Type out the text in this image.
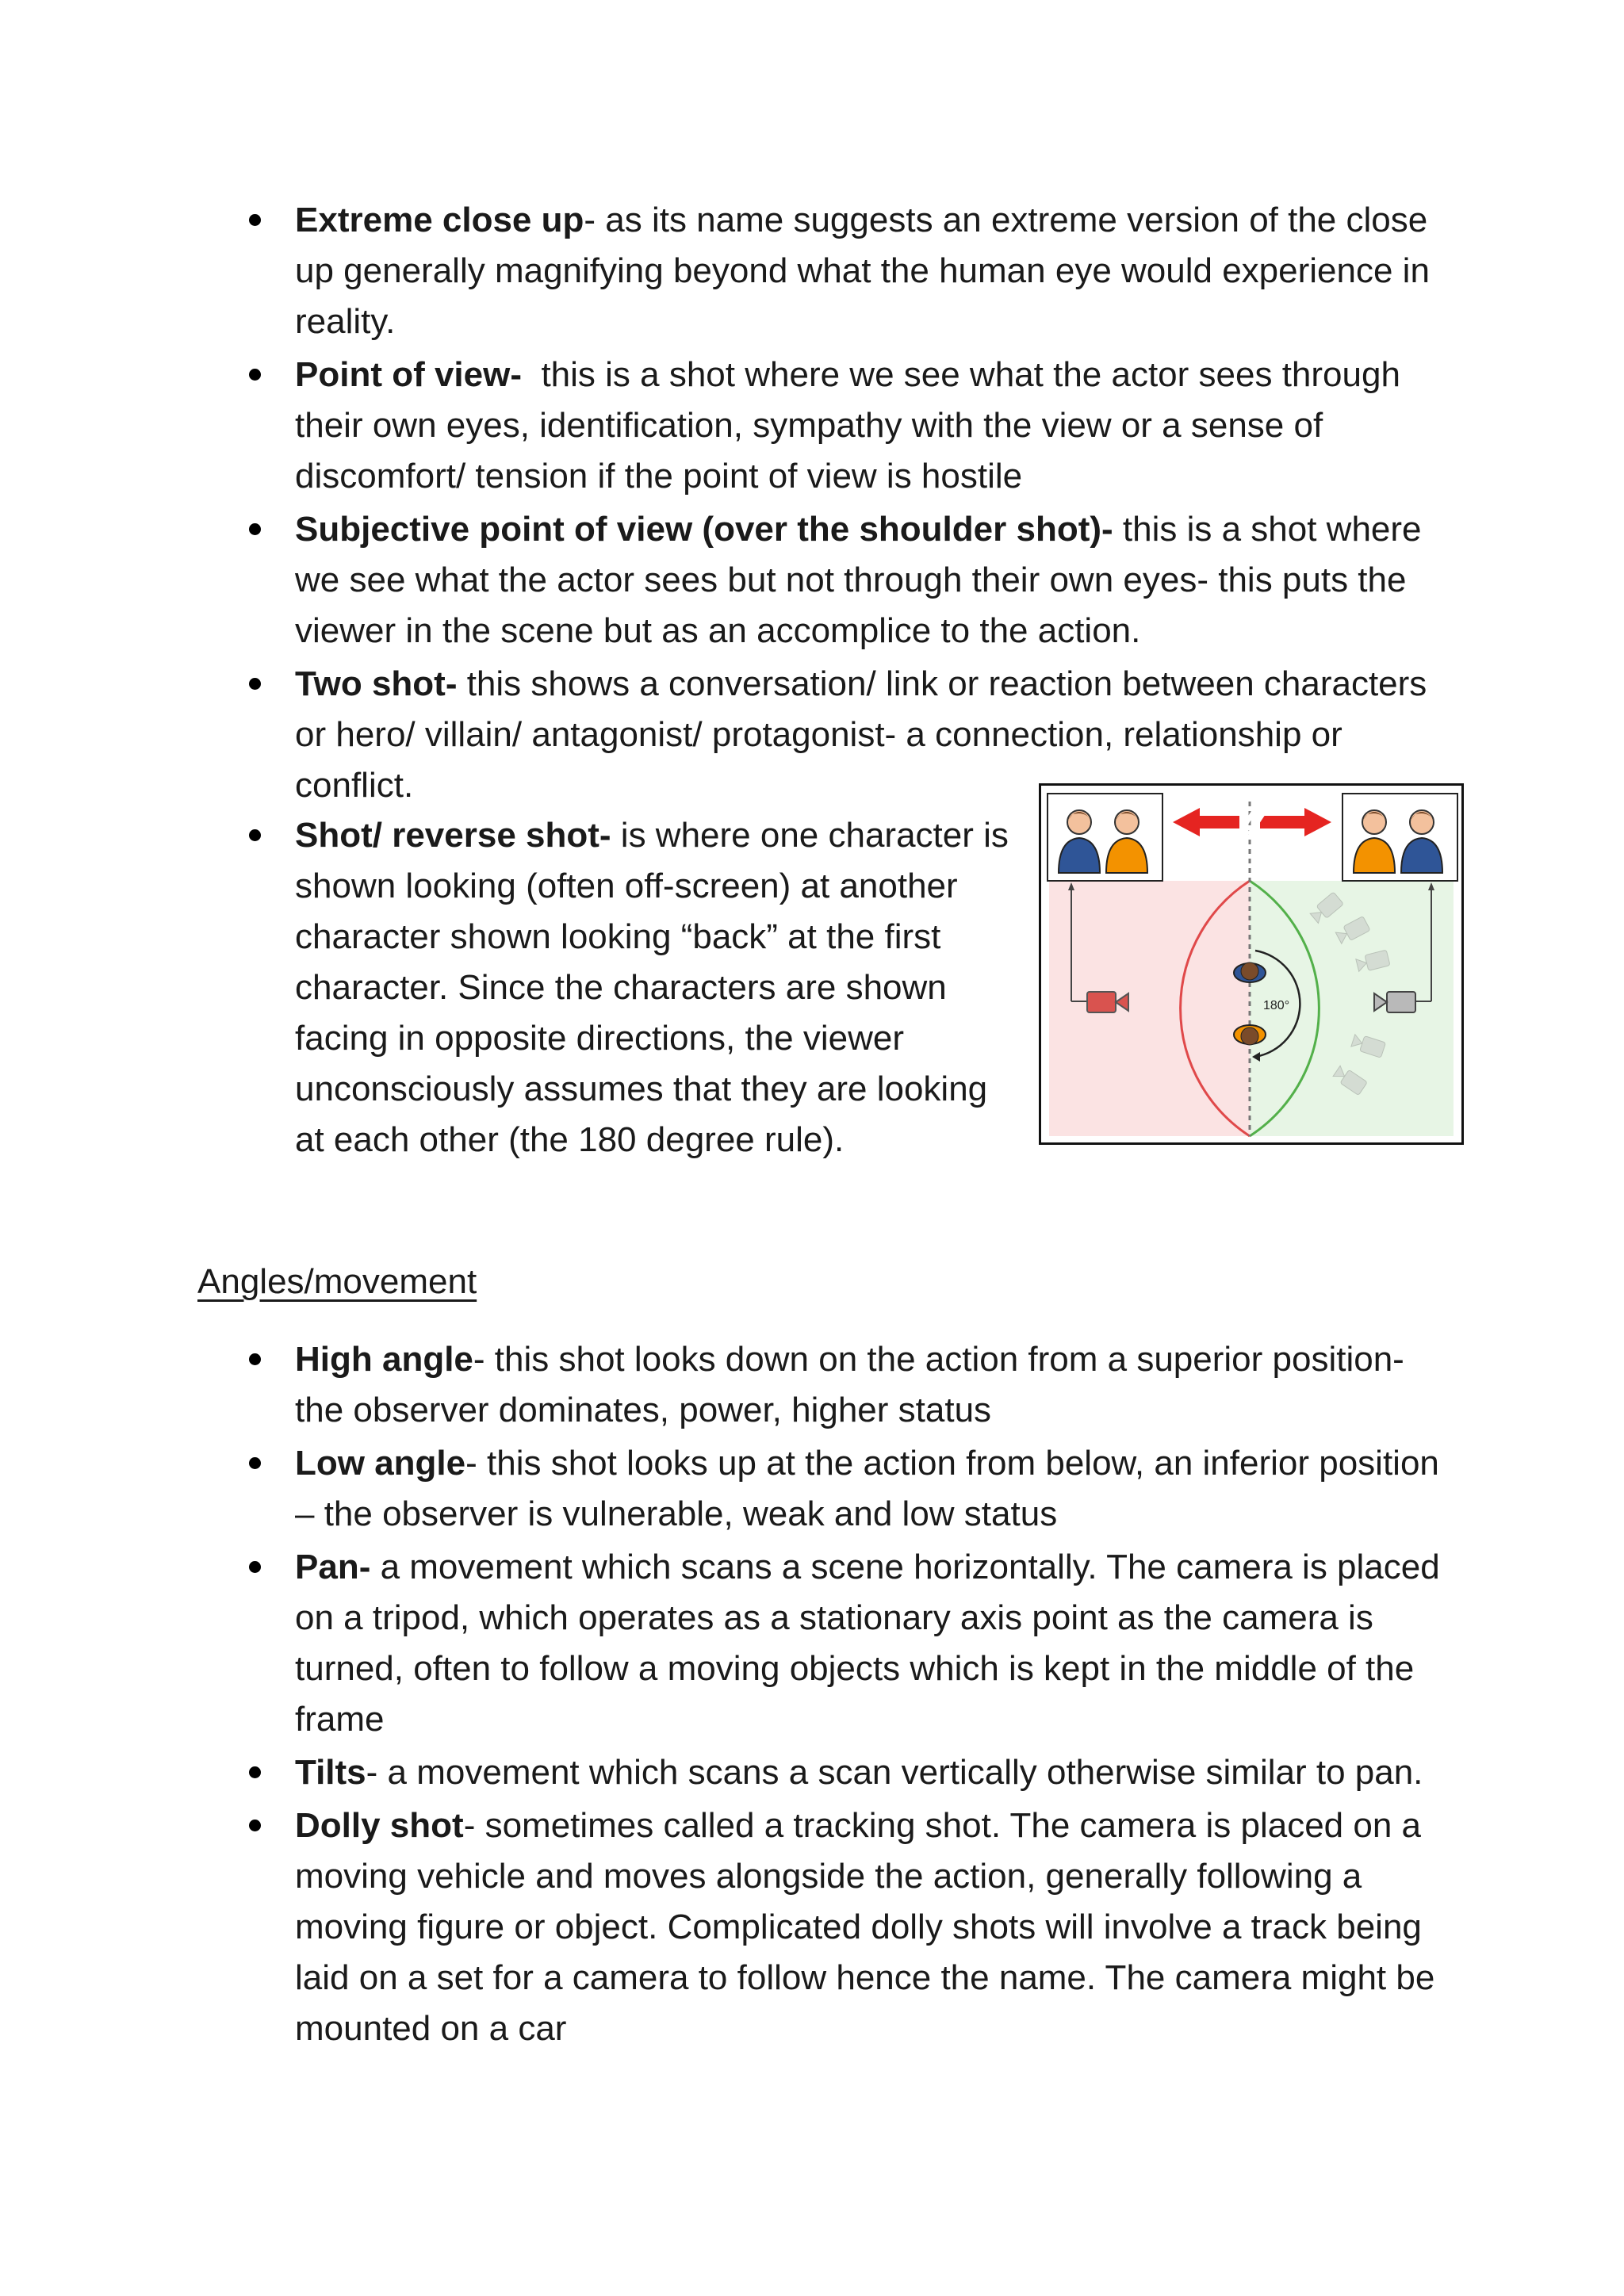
Extreme close up- as its name suggests an extreme version of the close up generally magnifying beyond what the human eye would experience in reality.
Point of view-  this is a shot where we see what the actor sees through their own eyes, identification, sympathy with the view or a sense of discomfort/ tension if the point of view is hostile
Subjective point of view (over the shoulder shot)- this is a shot where we see what the actor sees but not through their own eyes- this puts the viewer in the scene but as an accomplice to the action.
Two shot- this shows a conversation/ link or reaction between characters or hero/ villain/ antagonist/ protagonist- a connection, relationship or conflict.
Shot/ reverse shot- is where one character is shown looking (often off-screen) at another character shown looking “back” at the first character. Since the characters are shown facing in opposite directions, the viewer unconsciously assumes that they are looking at each other (the 180 degree rule).
180°
Angles/movement
High angle- this shot looks down on the action from a superior position- the observer dominates, power, higher status
Low angle- this shot looks up at the action from below, an inferior position – the observer is vulnerable, weak and low status
Pan- a movement which scans a scene horizontally. The camera is placed on a tripod, which operates as a stationary axis point as the camera is turned, often to follow a moving objects which is kept in the middle of the frame
Tilts- a movement which scans a scan vertically otherwise similar to pan.
Dolly shot- sometimes called a tracking shot. The camera is placed on a moving vehicle and moves alongside the action, generally following a moving figure or object. Complicated dolly shots will involve a track being laid on a set for a camera to follow hence the name. The camera might be mounted on a car
